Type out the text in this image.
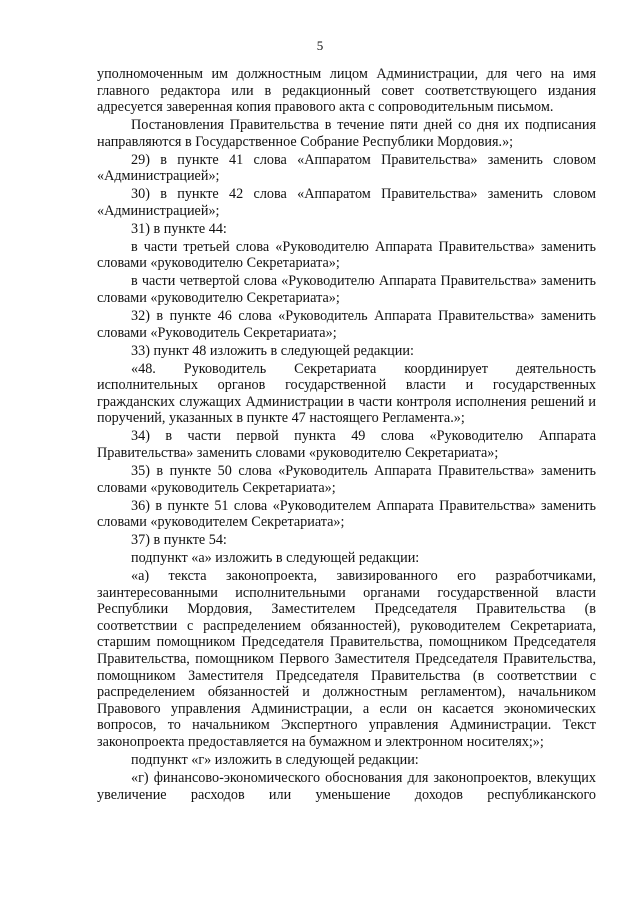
5

уполномоченным им должностным лицом Администрации, для чего на имя главного редактора или в редакционный совет соответствующего издания адресуется заверенная копия правового акта с сопроводительным письмом.

Постановления Правительства в течение пяти дней со дня их подписания направляются в Государственное Собрание Республики Мордовия.»;

29) в пункте 41 слова «Аппаратом Правительства» заменить словом «Администрацией»;

30) в пункте 42 слова «Аппаратом Правительства» заменить словом «Администрацией»;

31) в пункте 44:

в части третьей слова «Руководителю Аппарата Правительства» заменить словами «руководителю Секретариата»;

в части четвертой слова «Руководителю Аппарата Правительства» заменить словами «руководителю Секретариата»;

32) в пункте 46 слова «Руководитель Аппарата Правительства» заменить словами «Руководитель Секретариата»;

33) пункт 48 изложить в следующей редакции:

«48. Руководитель Секретариата координирует деятельность исполнительных органов государственной власти и государственных гражданских служащих Администрации в части контроля исполнения решений и поручений, указанных в пункте 47 настоящего Регламента.»;

34) в части первой пункта 49 слова «Руководителю Аппарата Правительства» заменить словами «руководителю Секретариата»;

35) в пункте 50 слова «Руководитель Аппарата Правительства» заменить словами «руководитель Секретариата»;

36) в пункте 51 слова «Руководителем Аппарата Правительства» заменить словами «руководителем Секретариата»;

37) в пункте 54:

подпункт «а» изложить в следующей редакции:

«а) текста законопроекта, завизированного его разработчиками, заинтересованными исполнительными органами государственной власти Республики Мордовия, Заместителем Председателя Правительства (в соответствии с распределением обязанностей), руководителем Секретариата, старшим помощником Председателя Правительства, помощником Председателя Правительства, помощником Первого Заместителя Председателя Правительства, помощником Заместителя Председателя Правительства (в соответствии с распределением обязанностей и должностным регламентом), начальником Правового управления Администрации, а если он касается экономических вопросов, то начальником Экспертного управления Администрации. Текст законопроекта предоставляется на бумажном и электронном носителях;»;

подпункт «г» изложить в следующей редакции:

«г) финансово-экономического обоснования для законопроектов, влекущих увеличение расходов или уменьшение доходов республиканского
